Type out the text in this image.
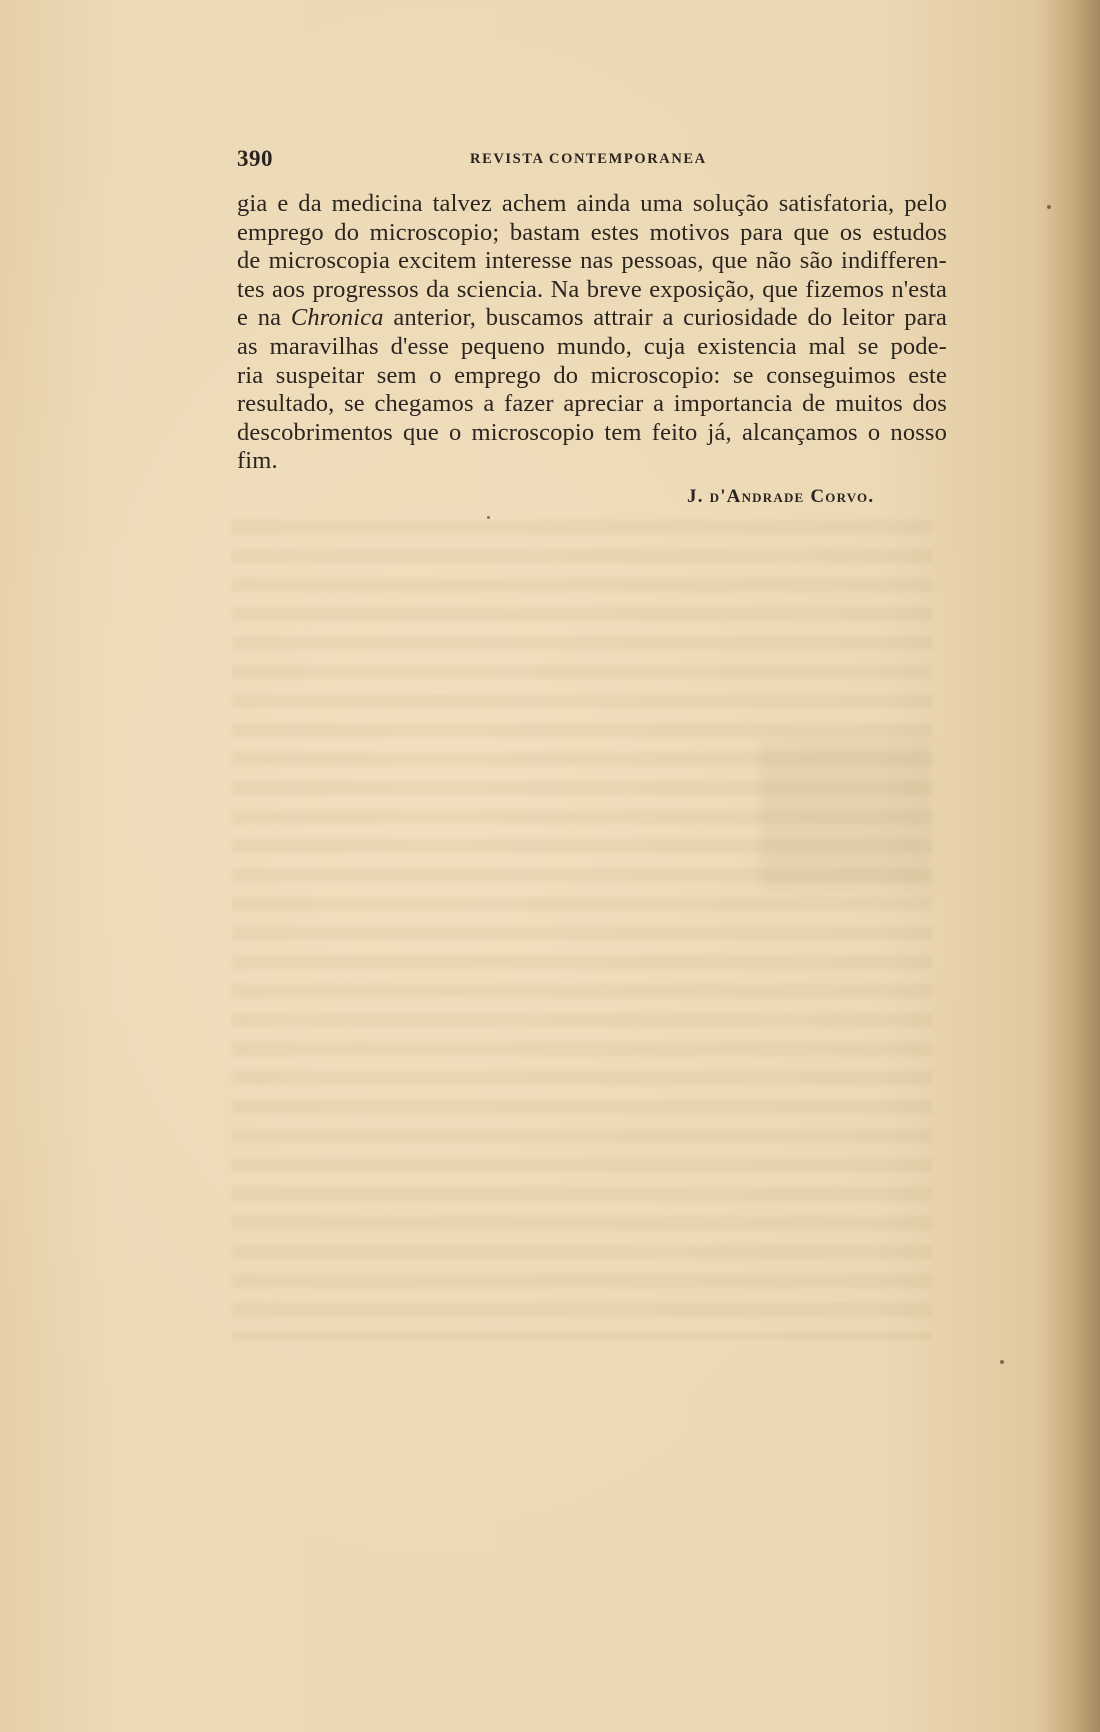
390	REVISTA CONTEMPORANEA
gia e da medicina talvez achem ainda uma solução satisfatoria, pelo
emprego do microscopio; bastam estes motivos para que os estudos
de microscopia excitem interesse nas pessoas, que não são indifferen-
tes aos progressos da sciencia. Na breve exposição, que fizemos n'esta
e na Chronica anterior, buscamos attrair a curiosidade do leitor para
as maravilhas d'esse pequeno mundo, cuja existencia mal se pode-
ria suspeitar sem o emprego do microscopio: se conseguimos este
resultado, se chegamos a fazer apreciar a importancia de muitos dos
descobrimentos que o microscopio tem feito já, alcançamos o nosso
fim.
J. d'Andrade Corvo.
